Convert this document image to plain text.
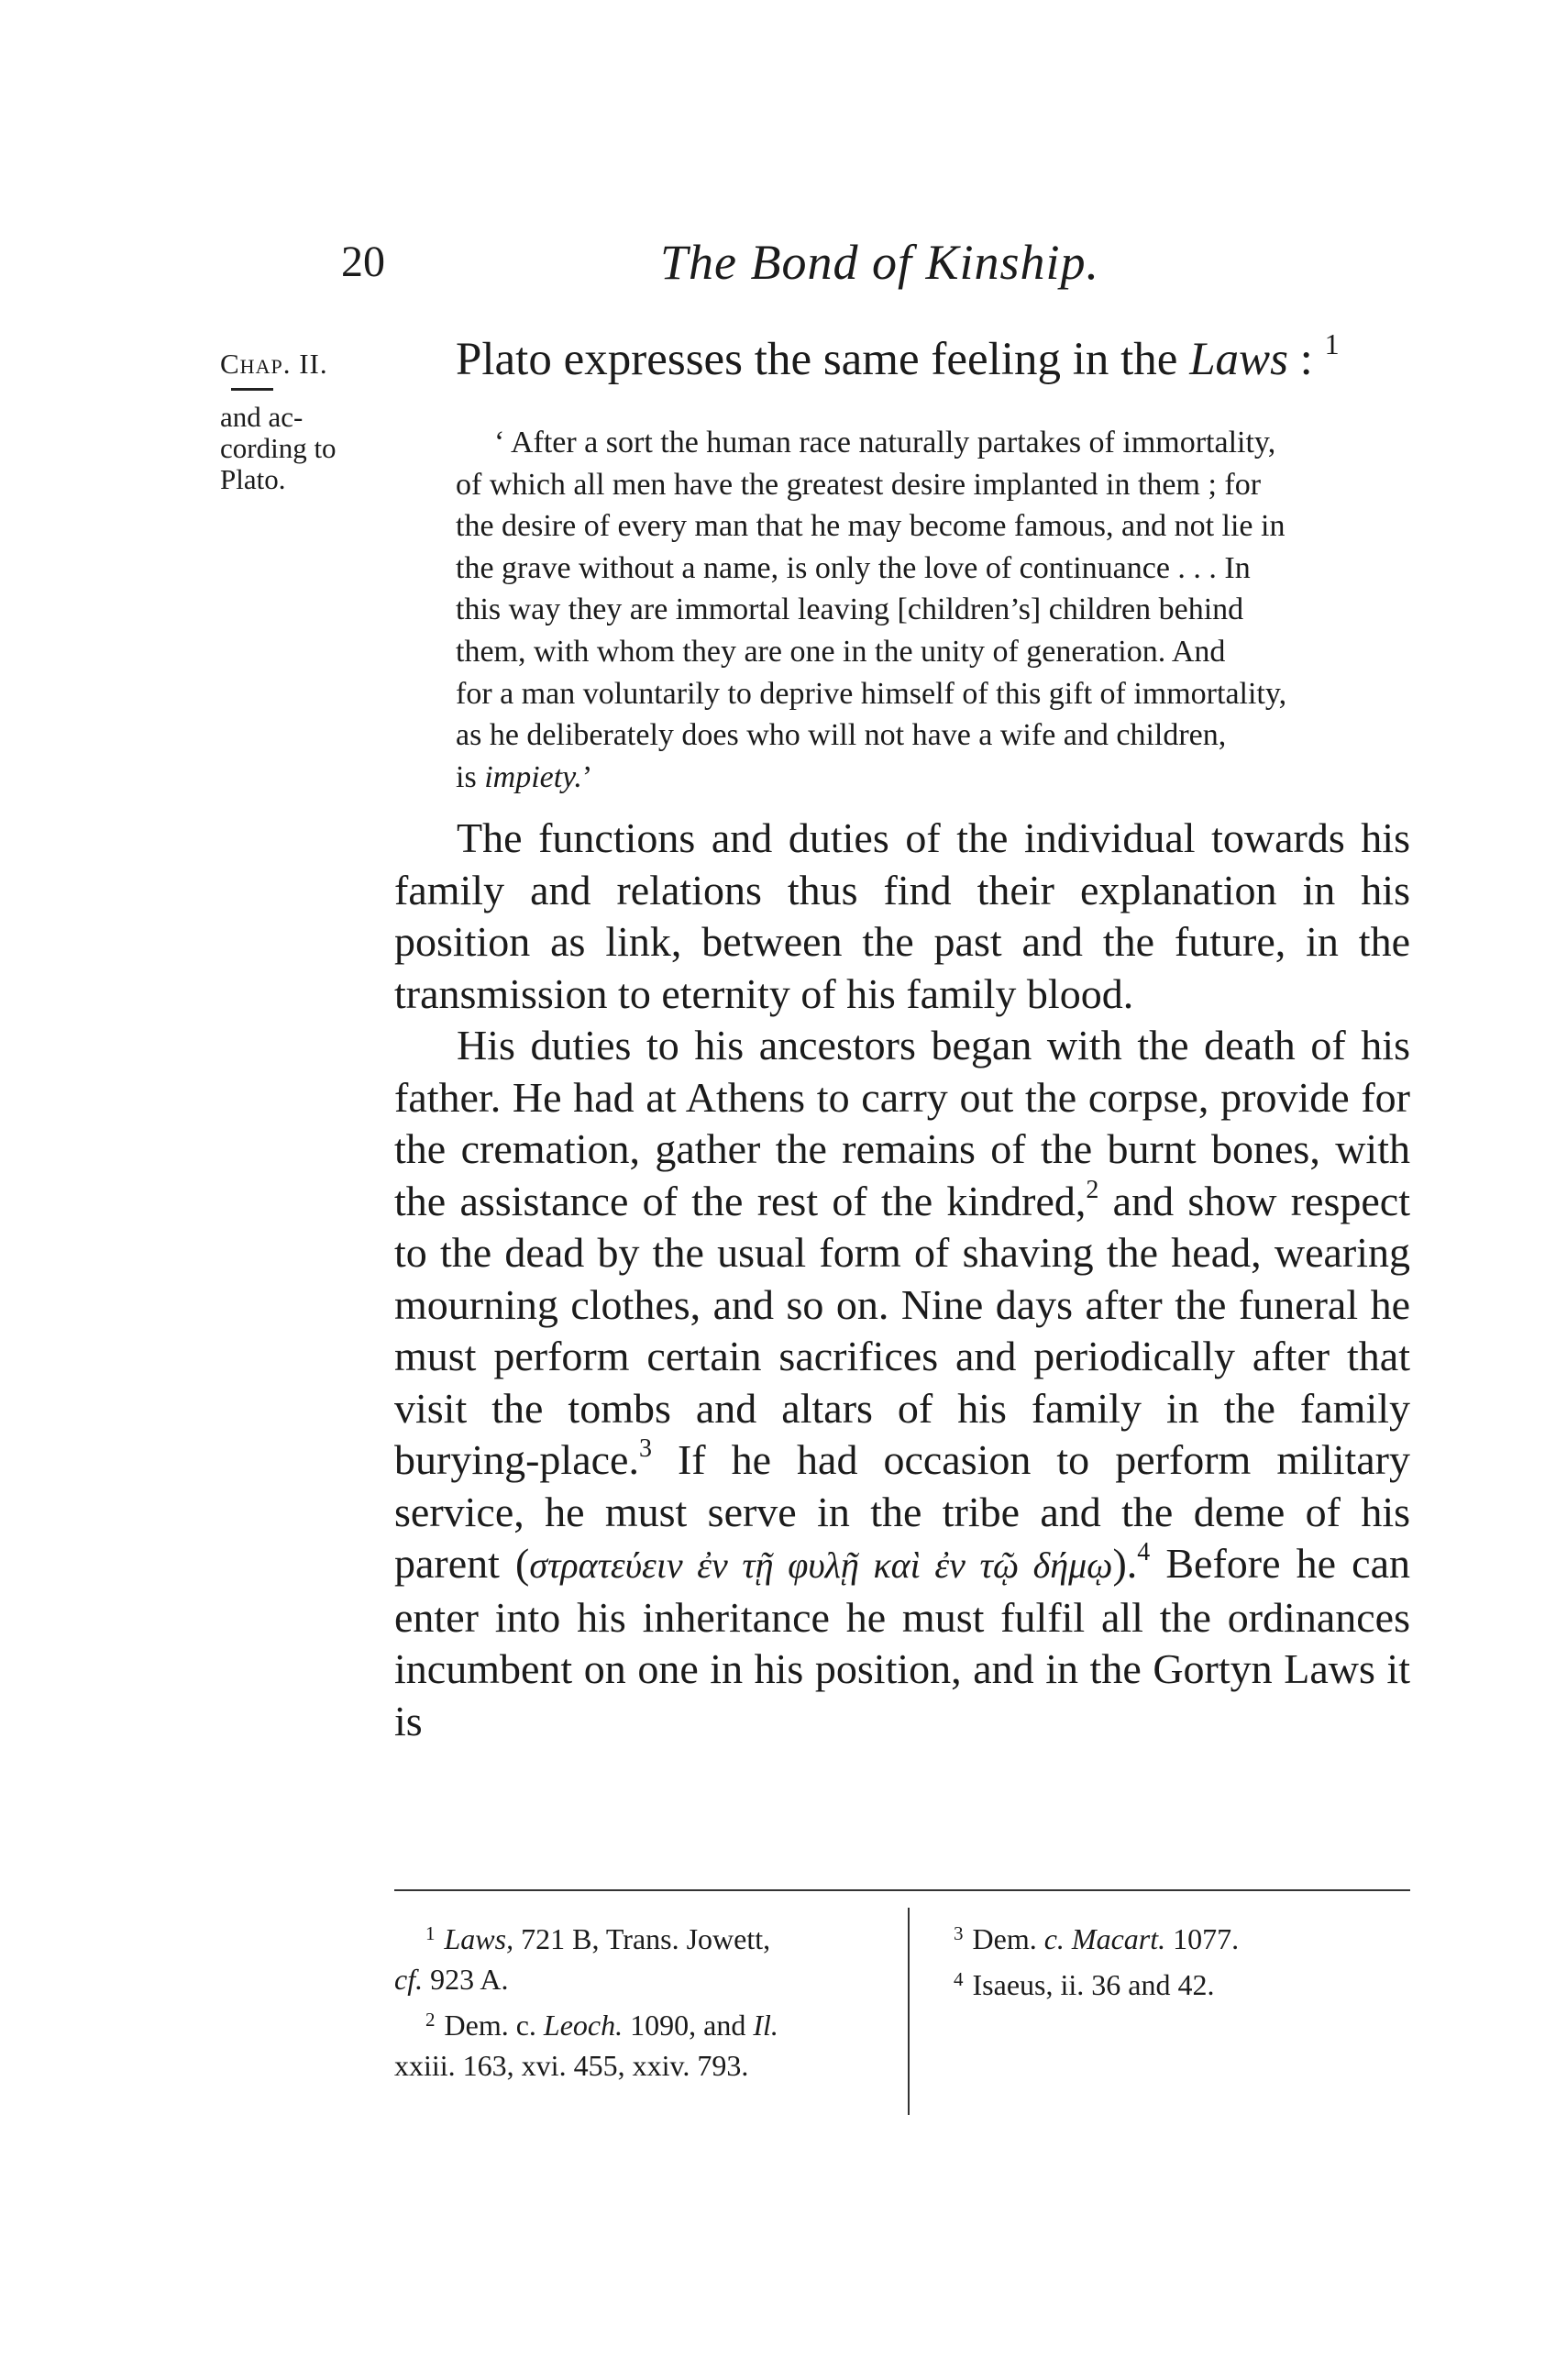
20	The Bond of Kinship.
Chap. II.
and ac-
cording to
Plato.
Plato expresses the same feeling in the Laws : $^1$
‘ After a sort the human race naturally partakes of immortality,
of which all men have the greatest desire implanted in them ; for
the desire of every man that he may become famous, and not lie in
the grave without a name, is only the love of continuance . . . In
this way they are immortal leaving [children’s] children behind
them, with whom they are one in the unity of generation. And
for a man voluntarily to deprive himself of this gift of immortality,
as he deliberately does who will not have a wife and children,
is impiety.’

The functions and duties of the individual towards his family and relations thus find their explanation in his position as link, between the past and the future, in the transmission to eternity of his family blood.

His duties to his ancestors began with the death of his father. He had at Athens to carry out the corpse, provide for the cremation, gather the remains of the burnt bones, with the assistance of the rest of the kindred,$^2$ and show respect to the dead by the usual form of shaving the head, wearing mourning clothes, and so on. Nine days after the funeral he must perform certain sacrifices and periodically after that visit the tombs and altars of his family in the family burying-place.$^3$ If he had occasion to perform military service, he must serve in the tribe and the deme of his parent (στρατεύειν ἐν τῇ φυλῇ καὶ ἐν τῷ δήμῳ).$^4$ Before he can enter into his inheritance he must fulfil all the ordinances incumbent on one in his position, and in the Gortyn Laws it is

$^1$ Laws, 721 B, Trans. Jowett,
cf. 923 A.
$^2$ Dem. c. Leoch. 1090, and Il.
xxiii. 163, xvi. 455, xxiv. 793.
$^3$ Dem. c. Macart. 1077.
$^4$ Isaeus, ii. 36 and 42.
